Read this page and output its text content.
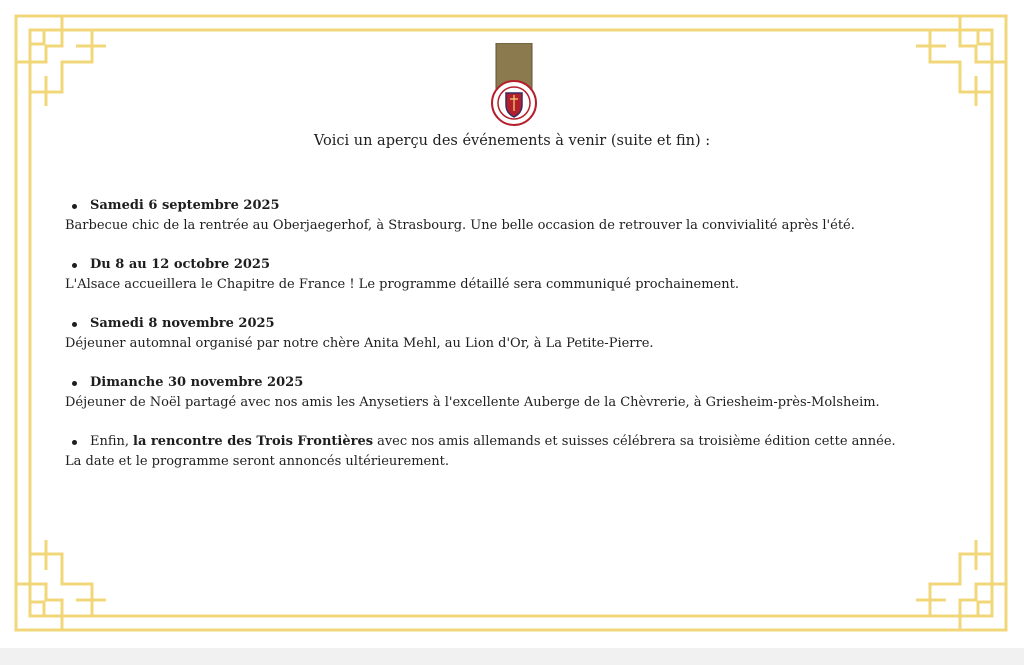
Voici un aperçu des événements à venir (suite et fin) :
Samedi 6 septembre 2025
Barbecue chic de la rentrée au Oberjaegerhof, à Strasbourg. Une belle occasion de retrouver la convivialité après l'été.
Du 8 au 12 octobre 2025
L'Alsace accueillera le Chapitre de France ! Le programme détaillé sera communiqué prochainement.
Samedi 8 novembre 2025
Déjeuner automnal organisé par notre chère Anita Mehl, au Lion d'Or, à La Petite-Pierre.
Dimanche 30 novembre 2025
Déjeuner de Noël partagé avec nos amis les Anysetiers à l'excellente Auberge de la Chèvrerie, à Griesheim-près-Molsheim.
Enfin, la rencontre des Trois Frontières avec nos amis allemands et suisses célébrera sa troisième édition cette année.
La date et le programme seront annoncés ultérieurement.
